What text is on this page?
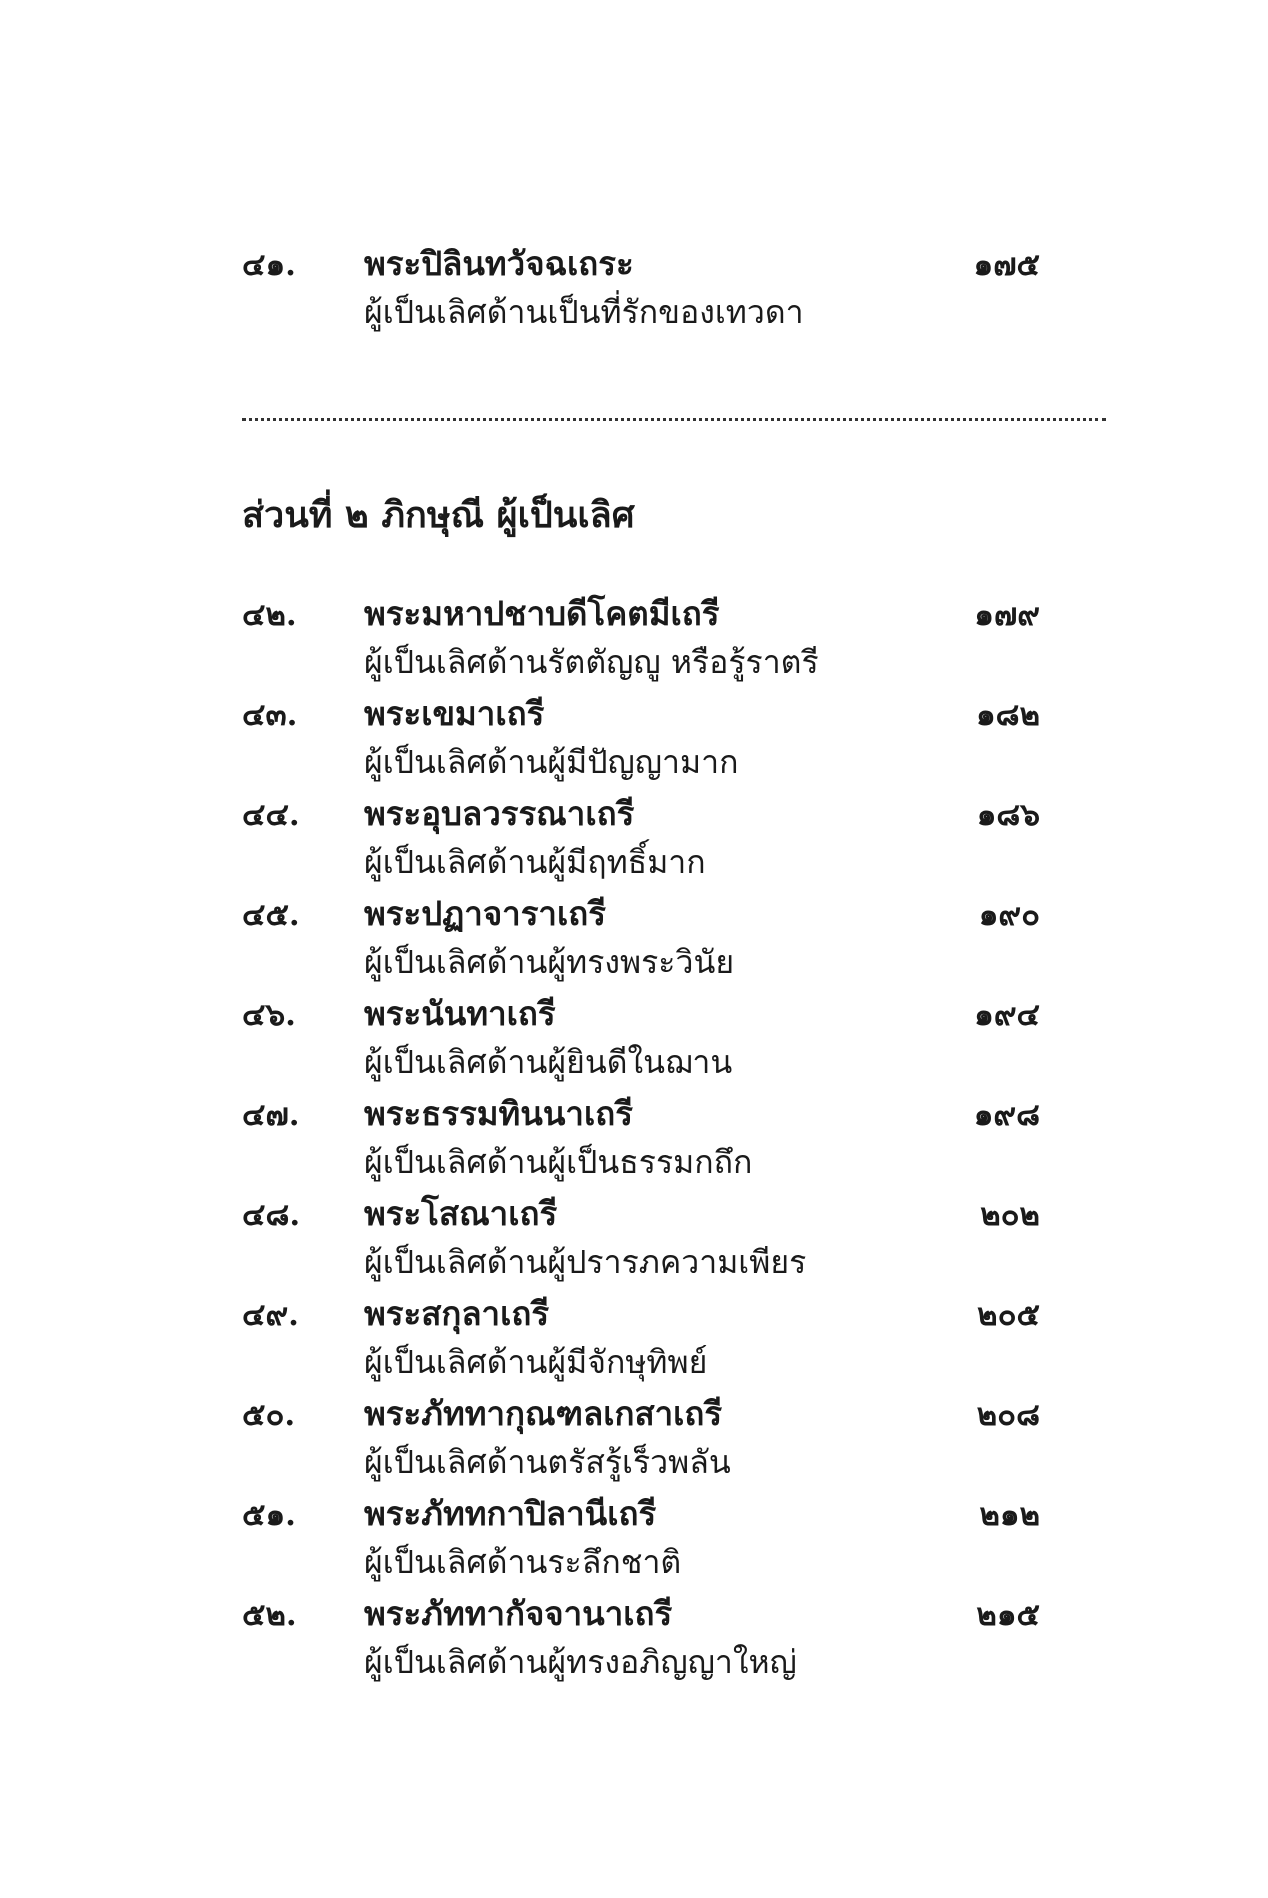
๔๑.	พระปิลินทวัจฉเถระ	๑๗๕
ผู้เป็นเลิศด้านเป็นที่รักของเทวดา
ส่วนที่ ๒ ภิกษุณี ผู้เป็นเลิศ
๔๒.	พระมหาปชาบดีโคตมีเถรี	๑๗๙
ผู้เป็นเลิศด้านรัตตัญญู หรือรู้ราตรี
๔๓.	พระเขมาเถรี	๑๘๒
ผู้เป็นเลิศด้านผู้มีปัญญามาก
๔๔.	พระอุบลวรรณาเถรี	๑๘๖
ผู้เป็นเลิศด้านผู้มีฤทธิ์มาก
๔๕.	พระปฏาจาราเถรี	๑๙๐
ผู้เป็นเลิศด้านผู้ทรงพระวินัย
๔๖.	พระนันทาเถรี	๑๙๔
ผู้เป็นเลิศด้านผู้ยินดีในฌาน
๔๗.	พระธรรมทินนาเถรี	๑๙๘
ผู้เป็นเลิศด้านผู้เป็นธรรมกถึก
๔๘.	พระโสณาเถรี	๒๐๒
ผู้เป็นเลิศด้านผู้ปรารภความเพียร
๔๙.	พระสกุลาเถรี	๒๐๕
ผู้เป็นเลิศด้านผู้มีจักษุทิพย์
๕๐.	พระภัททากุณฑลเกสาเถรี	๒๐๘
ผู้เป็นเลิศด้านตรัสรู้เร็วพลัน
๕๑.	พระภัททกาปิลานีเถรี	๒๑๒
ผู้เป็นเลิศด้านระลึกชาติ
๕๒.	พระภัททากัจจานาเถรี	๒๑๕
ผู้เป็นเลิศด้านผู้ทรงอภิญญาใหญ่
